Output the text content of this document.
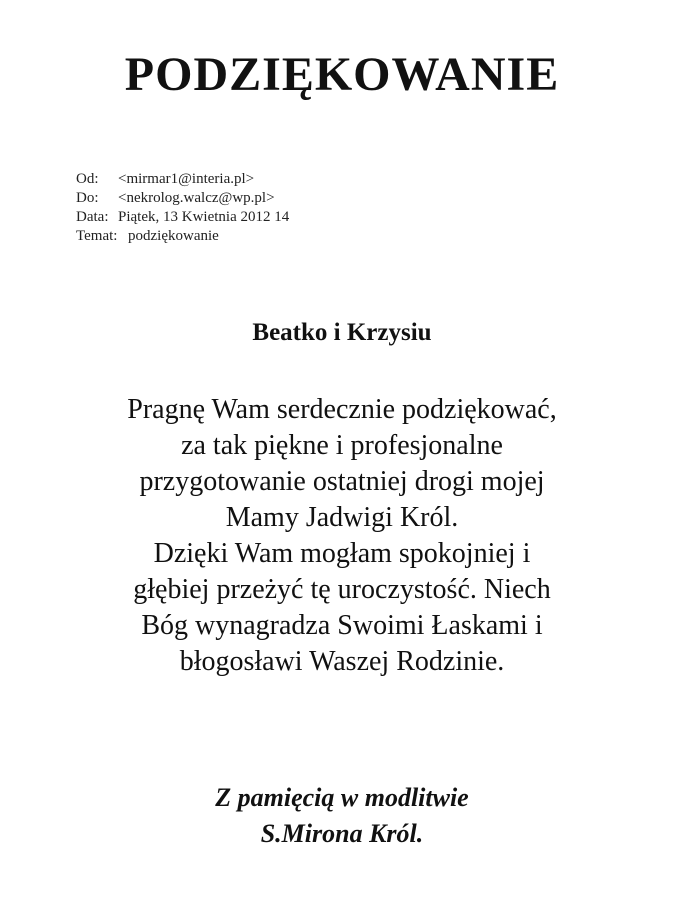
PODZIĘKOWANIE
Od:	<mirmar1@interia.pl>
Do:	<nekrolog.walcz@wp.pl>
Data: Piątek, 13 Kwietnia 2012 14
Temat: podziękowanie
Beatko i Krzysiu

Pragnę Wam serdecznie podziękować,
za tak piękne i profesjonalne
przygotowanie ostatniej drogi mojej
Mamy Jadwigi Król.
Dzięki Wam mogłam spokojniej i
głębiej przeżyć tę uroczystość. Niech
Bóg wynagradza Swoimi Łaskami i
błogosławi Waszej Rodzinie.

Z pamięcią w modlitwie
S.Mirona Król.
